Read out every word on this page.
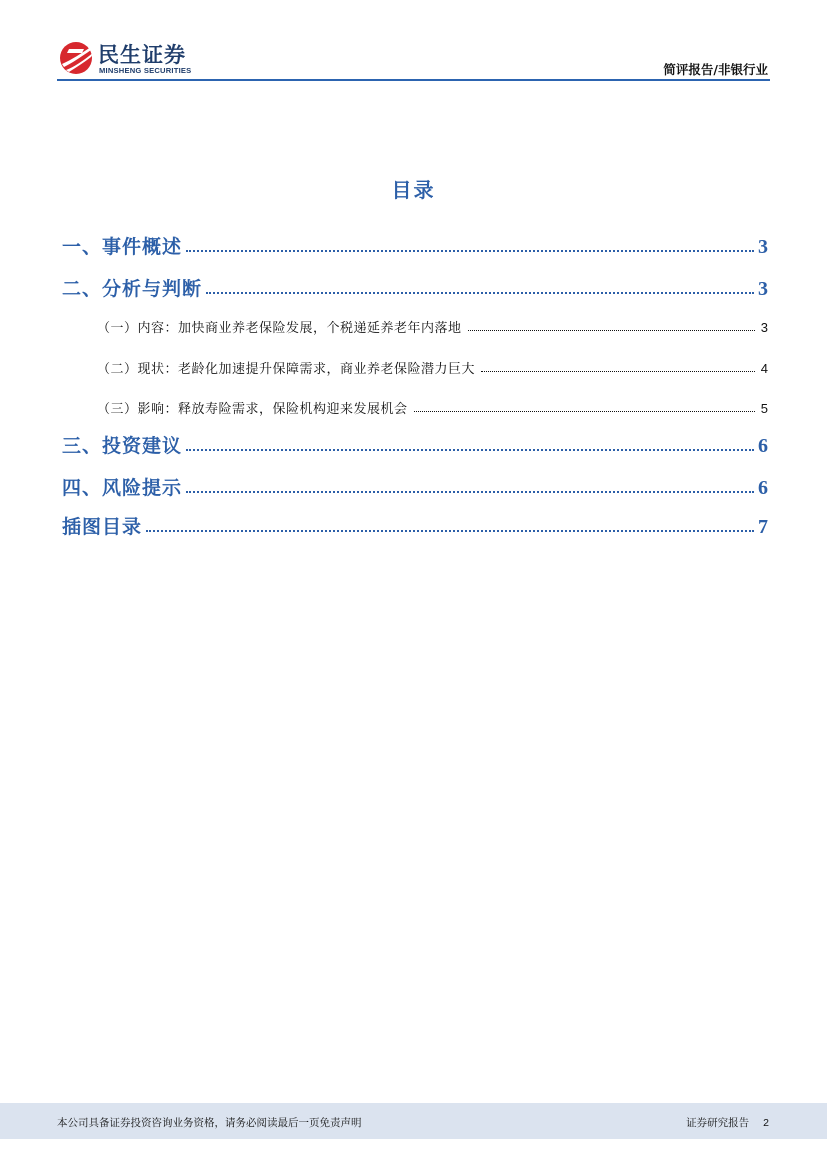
民生证券
MINSHENG SECURITIES	简评报告/非银行业
目录
一、事件概述	3
二、分析与判断	3
（一）内容：加快商业养老保险发展，个税递延养老年内落地	3
（二）现状：老龄化加速提升保障需求，商业养老保险潜力巨大	4
（三）影响：释放寿险需求，保险机构迎来发展机会	5
三、投资建议	6
四、风险提示	6
插图目录	7
本公司具备证券投资咨询业务资格，请务必阅读最后一页免责声明	证券研究报告 2
